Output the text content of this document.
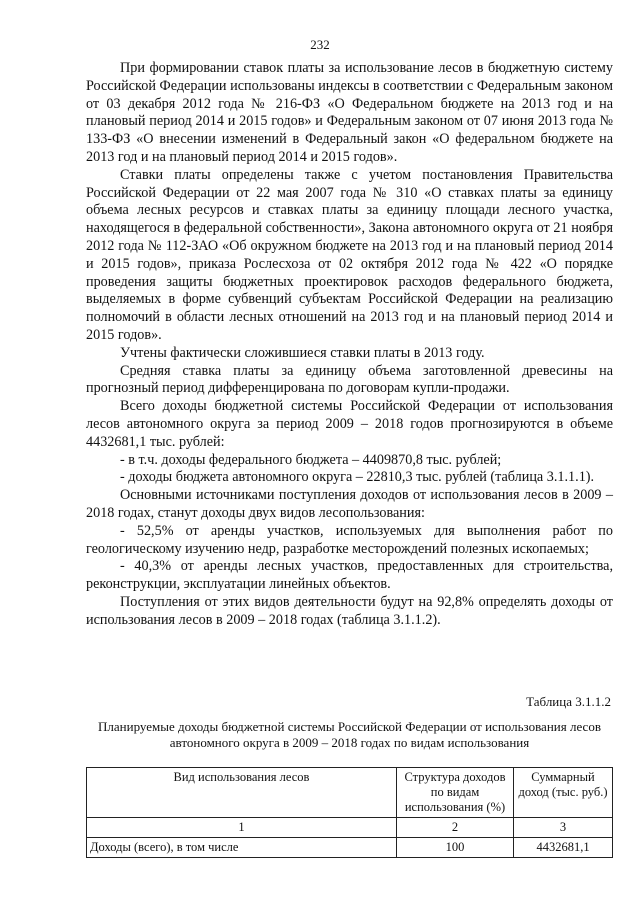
232

При формировании ставок платы за использование лесов в бюджетную систему Российской Федерации использованы индексы в соответствии с Федеральным законом от 03 декабря 2012 года № 216-ФЗ «О Федеральном бюджете на 2013 год и на плановый период 2014 и 2015 годов» и Федеральным законом от 07 июня 2013 года № 133-ФЗ «О внесении изменений в Федеральный закон «О федеральном бюджете на 2013 год и на плановый период 2014 и 2015 годов».

Ставки платы определены также с учетом постановления Правительства Российской Федерации от 22 мая 2007 года № 310 «О ставках платы за единицу объема лесных ресурсов и ставках платы за единицу площади лесного участка, находящегося в федеральной собственности», Закона автономного округа от 21 ноября 2012 года № 112-ЗАО «Об окружном бюджете на 2013 год и на плановый период 2014 и 2015 годов», приказа Рослесхоза от 02 октября 2012 года № 422 «О порядке проведения защиты бюджетных проектировок расходов федерального бюджета, выделяемых в форме субвенций субъектам Российской Федерации на реализацию полномочий в области лесных отношений на 2013 год и на плановый период 2014 и 2015 годов».

Учтены фактически сложившиеся ставки платы в 2013 году.

Средняя ставка платы за единицу объема заготовленной древесины на прогнозный период дифференцирована по договорам купли-продажи.

Всего доходы бюджетной системы Российской Федерации от использования лесов автономного округа за период 2009 – 2018 годов прогнозируются в объеме 4432681,1 тыс. рублей:

- в т.ч. доходы федерального бюджета – 4409870,8 тыс. рублей;

- доходы бюджета автономного округа – 22810,3 тыс. рублей (таблица 3.1.1.1).

Основными источниками поступления доходов от использования лесов в 2009 – 2018 годах, станут доходы двух видов лесопользования:

- 52,5% от аренды участков, используемых для выполнения работ по геологическому изучению недр, разработке месторождений полезных ископаемых;

- 40,3% от аренды лесных участков, предоставленных для строительства, реконструкции, эксплуатации линейных объектов.

Поступления от этих видов деятельности будут на 92,8% определять доходы от использования лесов в 2009 – 2018 годах (таблица 3.1.1.2).

Таблица 3.1.1.2
Планируемые доходы бюджетной системы Российской Федерации от использования лесов автономного округа в 2009 – 2018 годах по видам использования
Вид использования лесов	Структура доходов по видам использования (%)	Суммарный доход (тыс. руб.)
1	2	3
Доходы (всего), в том числе	100	4432681,1
